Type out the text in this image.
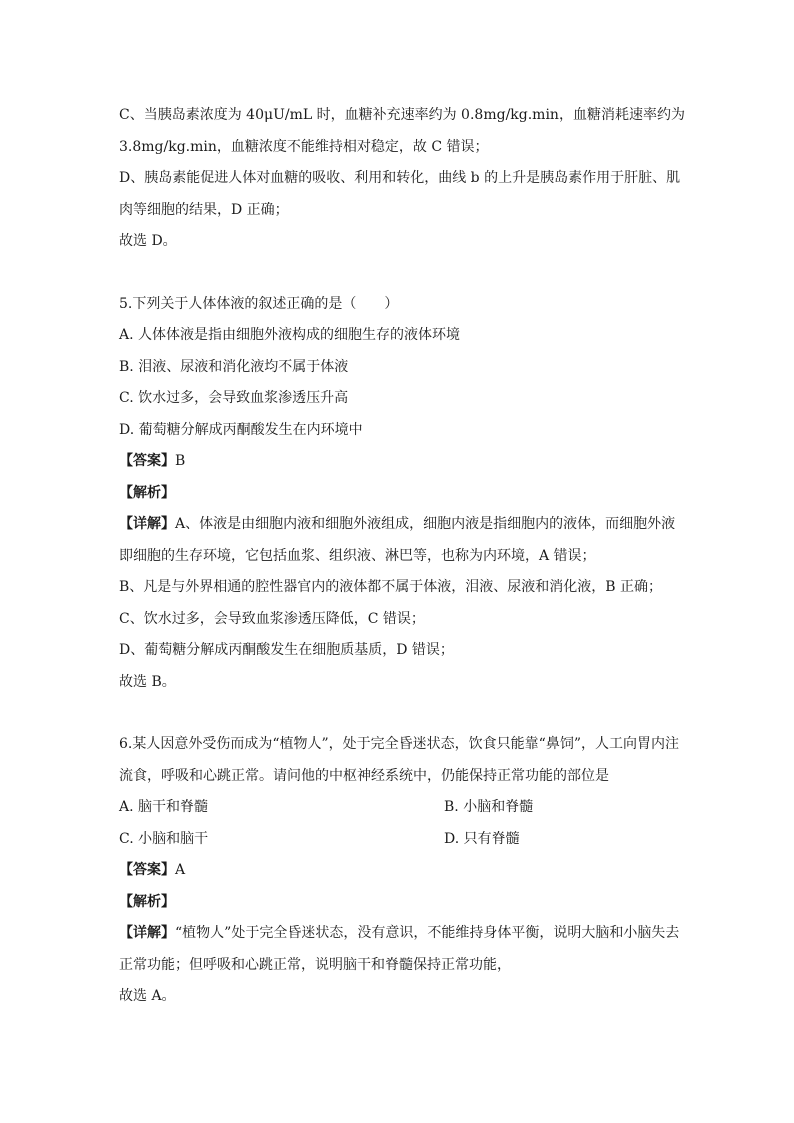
C、当胰岛素浓度为 40μU/mL 时，血糖补充速率约为 0.8mg/kg.min，血糖消耗速率约为
3.8mg/kg.min，血糖浓度不能维持相对稳定，故 C 错误；
D、胰岛素能促进人体对血糖的吸收、利用和转化，曲线 b 的上升是胰岛素作用于肝脏、肌
肉等细胞的结果，D 正确；
故选 D。
5.下列关于人体体液的叙述正确的是（　　）
A. 人体体液是指由细胞外液构成的细胞生存的液体环境
B. 泪液、尿液和消化液均不属于体液
C. 饮水过多，会导致血浆渗透压升高
D. 葡萄糖分解成丙酮酸发生在内环境中
【答案】B
【解析】
【详解】A、体液是由细胞内液和细胞外液组成，细胞内液是指细胞内的液体，而细胞外液
即细胞的生存环境，它包括血浆、组织液、淋巴等，也称为内环境，A 错误；
B、凡是与外界相通的腔性器官内的液体都不属于体液，泪液、尿液和消化液，B 正确；
C、饮水过多，会导致血浆渗透压降低，C 错误；
D、葡萄糖分解成丙酮酸发生在细胞质基质，D 错误；
故选 B。
6.某人因意外受伤而成为“植物人”，处于完全昏迷状态，饮食只能靠“鼻饲”，人工向胃内注
流食，呼吸和心跳正常。请问他的中枢神经系统中，仍能保持正常功能的部位是
A. 脑干和脊髓	B. 小脑和脊髓
C. 小脑和脑干	D. 只有脊髓
【答案】A
【解析】
【详解】“植物人”处于完全昏迷状态，没有意识，不能维持身体平衡，说明大脑和小脑失去
正常功能；但呼吸和心跳正常，说明脑干和脊髓保持正常功能，
故选 A。
